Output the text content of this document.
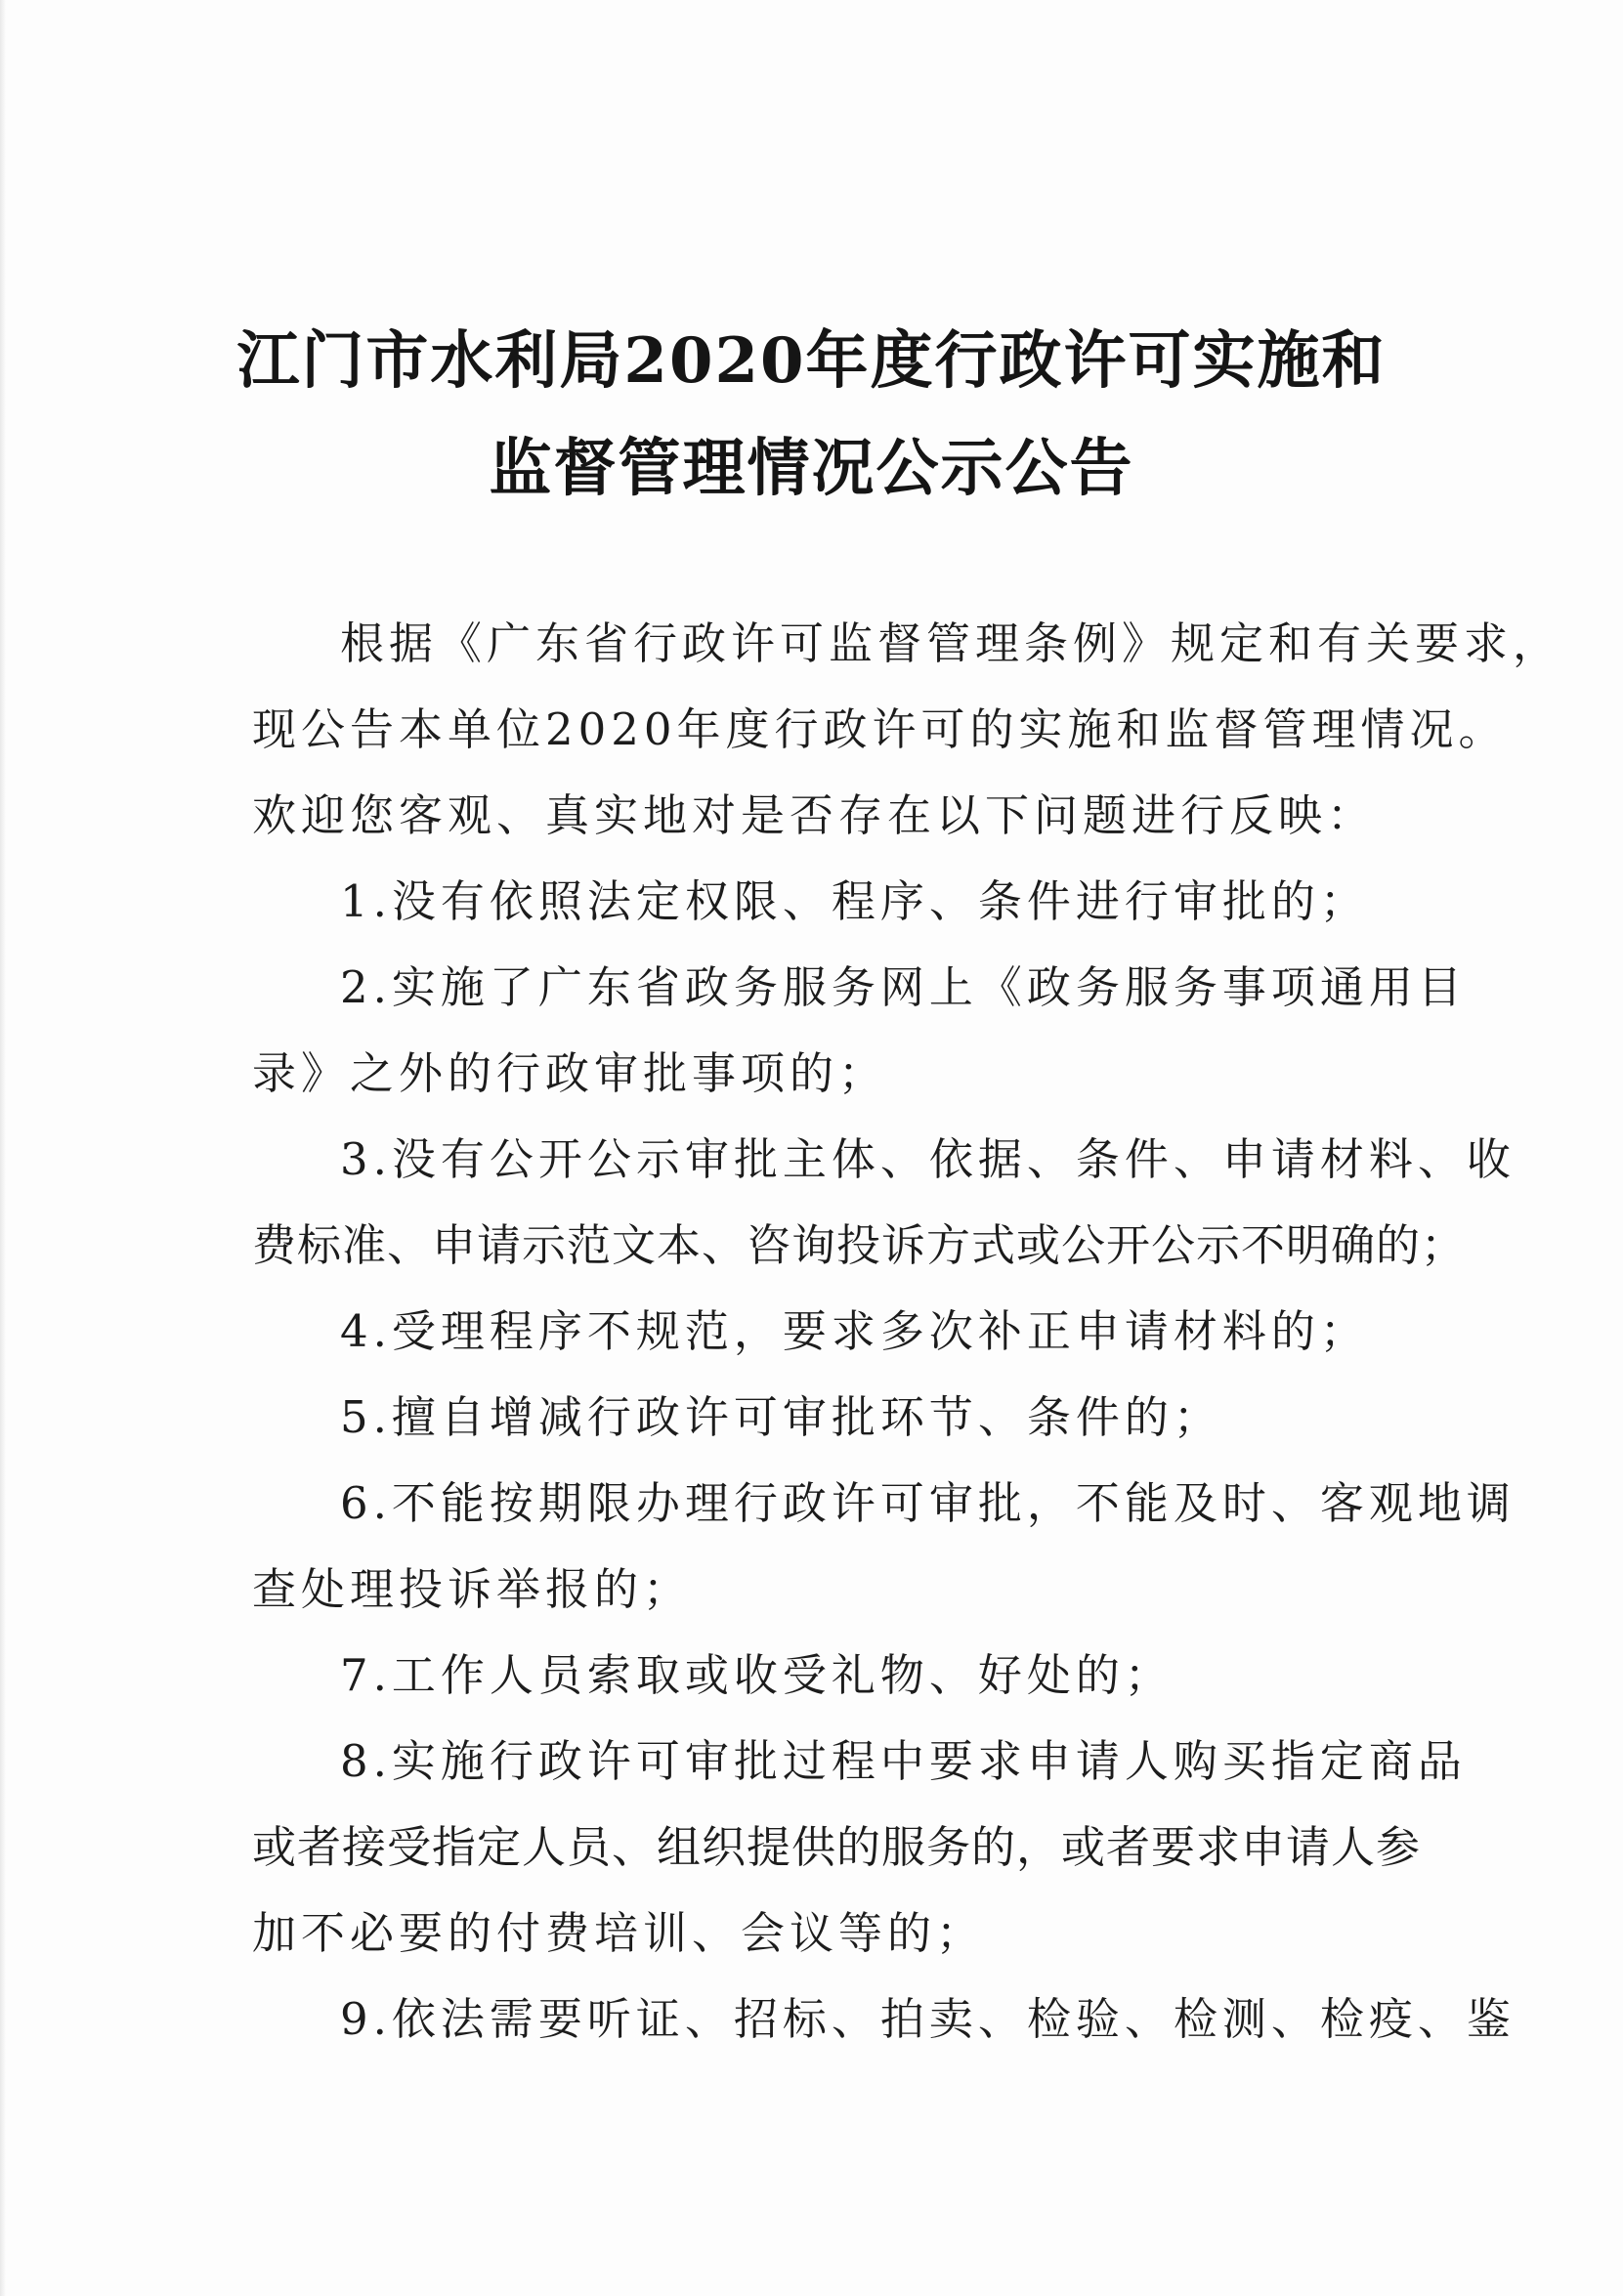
江门市水利局2020年度行政许可实施和
监督管理情况公示公告
根据《广东省行政许可监督管理条例》规定和有关要求，
现公告本单位2020年度行政许可的实施和监督管理情况。
欢迎您客观、真实地对是否存在以下问题进行反映：
1.没有依照法定权限、程序、条件进行审批的；
2.实施了广东省政务服务网上《政务服务事项通用目
录》之外的行政审批事项的；
3.没有公开公示审批主体、依据、条件、申请材料、收
费标准、申请示范文本、咨询投诉方式或公开公示不明确的；
4.受理程序不规范，要求多次补正申请材料的；
5.擅自增减行政许可审批环节、条件的；
6.不能按期限办理行政许可审批，不能及时、客观地调
查处理投诉举报的；
7.工作人员索取或收受礼物、好处的；
8.实施行政许可审批过程中要求申请人购买指定商品
或者接受指定人员、组织提供的服务的，或者要求申请人参
加不必要的付费培训、会议等的；
9.依法需要听证、招标、拍卖、检验、检测、检疫、鉴
